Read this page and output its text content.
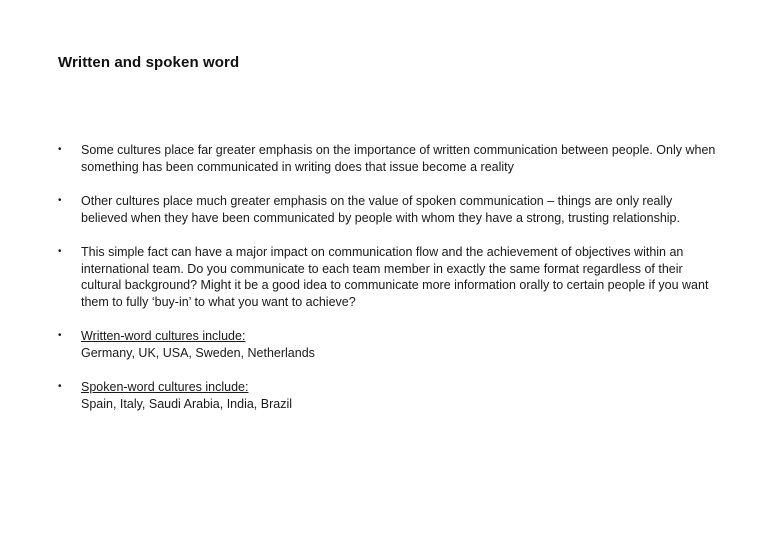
Written and spoken word
• Some cultures place far greater emphasis on the importance of written communication between people. Only when something has been communicated in writing does that issue become a reality
• Other cultures place much greater emphasis on the value of spoken communication – things are only really believed when they have been communicated by people with whom they have a strong, trusting relationship.
• This simple fact can have a major impact on communication flow and the achievement of objectives within an international team. Do you communicate to each team member in exactly the same format regardless of their cultural background? Might it be a good idea to communicate more information orally to certain people if you want them to fully ‘buy-in’ to what you want to achieve?
• Written-word cultures include:
Germany, UK, USA, Sweden, Netherlands
• Spoken-word cultures include:
Spain, Italy, Saudi Arabia, India, Brazil
